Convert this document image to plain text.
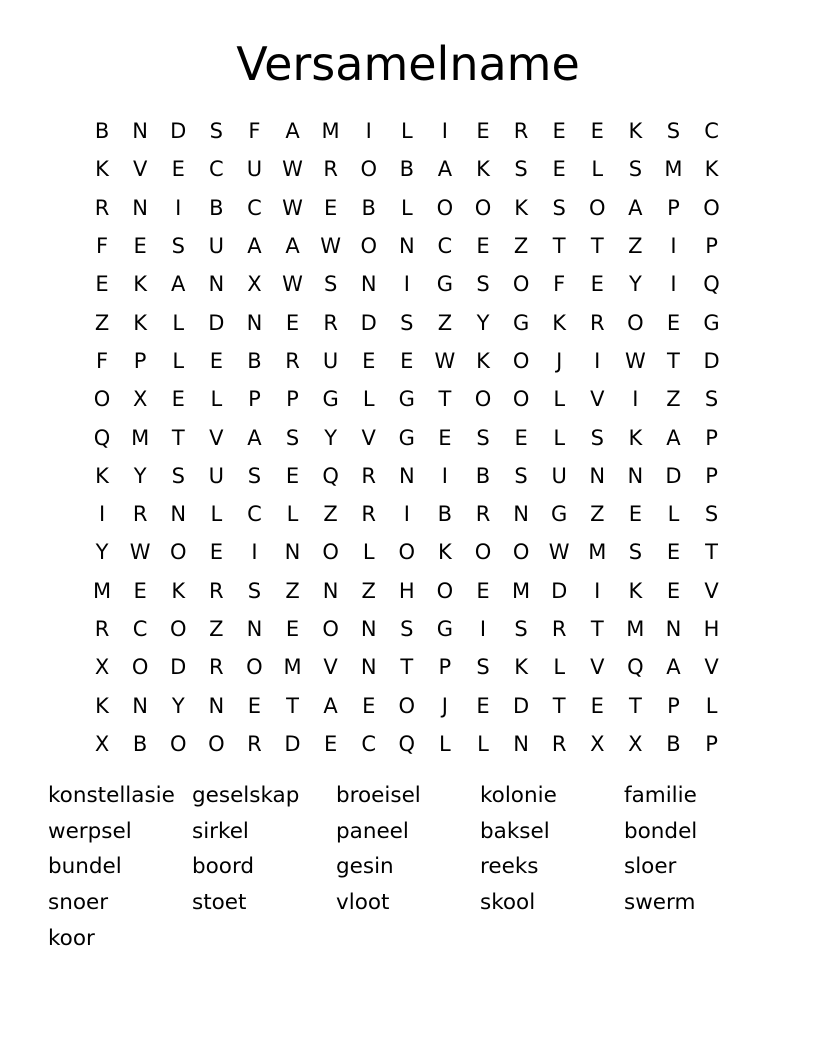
Versamelname
B	N	D	S	F	A	M	I	L	I	E	R	E	E	K	S	C
K	V	E	C	U W R	O	B	A	K	S	E	L	S	M	K
R	N	I	B	C W	E	B	L	O	O	K	S	O	A	P	O
F	E	S	U	A	A W O	N	C	E	Z	T	T	Z	I	P
E	K	A	N	X W	S	N	I	G	S	O	F	E	Y	I	Q
Z	K	L	D	N	E	R	D	S	Z	Y	G	K	R	O	E	G
F	P	L	E	B	R	U	E	E	W K	O	J	I	W	T	D
O	X	E	L	P	P	G	L	G	T	O	O	L	V	I	Z	S
Q M	T	V	A	S	Y	V	G	E	S	E	L	S	K	A	P
K	Y	S	U	S	E	Q	R	N	I	B	S	U	N	N	D	P
I	R	N	L	C	L	Z	R	I	B	R	N	G	Z	E	L	S
Y	W O	E	I	N	O	L	O	K	O	O W M	S	E	T
M	E	K	R	S	Z	N	Z	H	O	E	M D	I	K	E	V
R	C	O	Z	N	E	O	N	S	G	I	S	R	T	M	N	H
X	O	D	R	O M	V	N	T	P	S	K	L	V	Q	A	V
K	N	Y	N	E	T	A	E	O	J	E	D	T	E	T	P	L
X	B	O	O	R	D	E	C	Q	L	L	N	R	X	X	B	P
konstellasie geselskap	broeisel	kolonie	familie
werpsel	sirkel	paneel	baksel	bondel
bundel	boord	gesin	reeks	sloer
snoer	stoet	vloot	skool	swerm
koor
